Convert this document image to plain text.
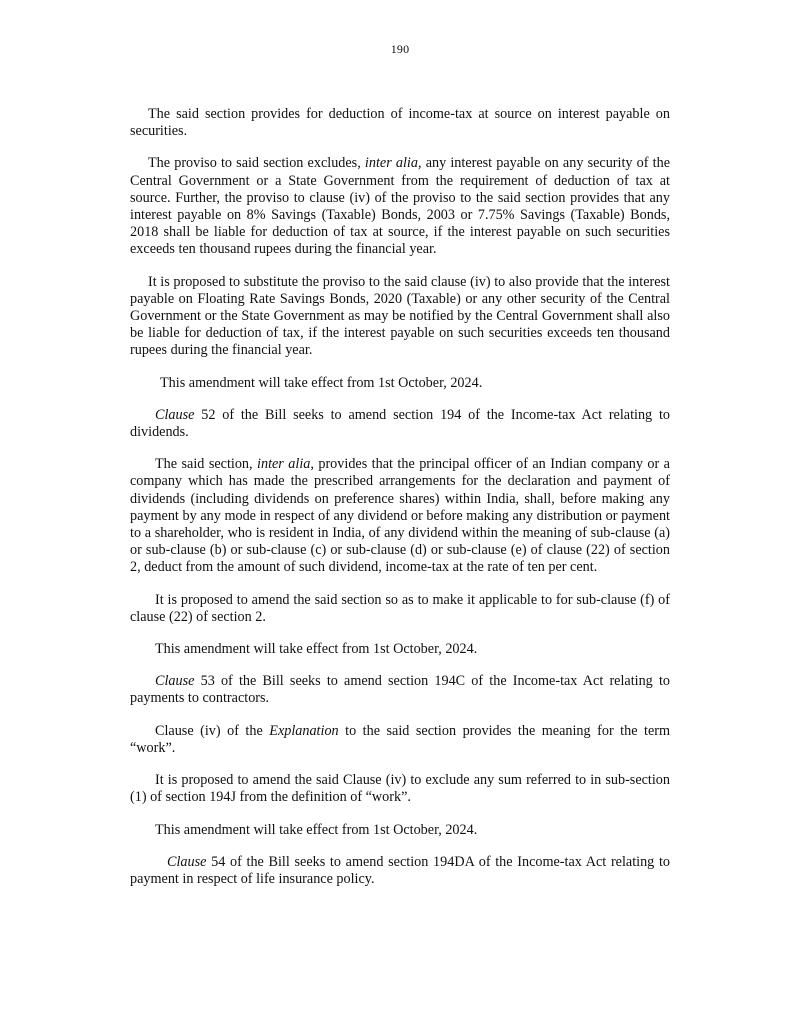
190

The said section provides for deduction of income-tax at source on interest payable on securities.

The proviso to said section excludes, inter alia, any interest payable on any security of the Central Government or a State Government from the requirement of deduction of tax at source. Further, the proviso to clause (iv) of the proviso to the said section provides that any interest payable on 8% Savings (Taxable) Bonds, 2003 or 7.75% Savings (Taxable) Bonds, 2018 shall be liable for deduction of tax at source, if the interest payable on such securities exceeds ten thousand rupees during the financial year.

It is proposed to substitute the proviso to the said clause (iv) to also provide that the interest payable on Floating Rate Savings Bonds, 2020 (Taxable) or any other security of the Central Government or the State Government as may be notified by the Central Government shall also be liable for deduction of tax, if the interest payable on such securities exceeds ten thousand rupees during the financial year.

This amendment will take effect from 1st October, 2024.

Clause 52 of the Bill seeks to amend section 194 of the Income-tax Act relating to dividends.

The said section, inter alia, provides that the principal officer of an Indian company or a company which has made the prescribed arrangements for the declaration and payment of dividends (including dividends on preference shares) within India, shall, before making any payment by any mode in respect of any dividend or before making any distribution or payment to a shareholder, who is resident in India, of any dividend within the meaning of sub-clause (a) or sub-clause (b) or sub-clause (c) or sub-clause (d) or sub-clause (e) of clause (22) of section 2, deduct from the amount of such dividend, income-tax at the rate of ten per cent.

It is proposed to amend the said section so as to make it applicable to for sub-clause (f) of clause (22) of section 2.

This amendment will take effect from 1st October, 2024.

Clause 53 of the Bill seeks to amend section 194C of the Income-tax Act relating to payments to contractors.

Clause (iv) of the Explanation to the said section provides the meaning for the term “work”.

It is proposed to amend the said Clause (iv) to exclude any sum referred to in sub-section (1) of section 194J from the definition of “work”.

This amendment will take effect from 1st October, 2024.

Clause 54 of the Bill seeks to amend section 194DA of the Income-tax Act relating to payment in respect of life insurance policy.
